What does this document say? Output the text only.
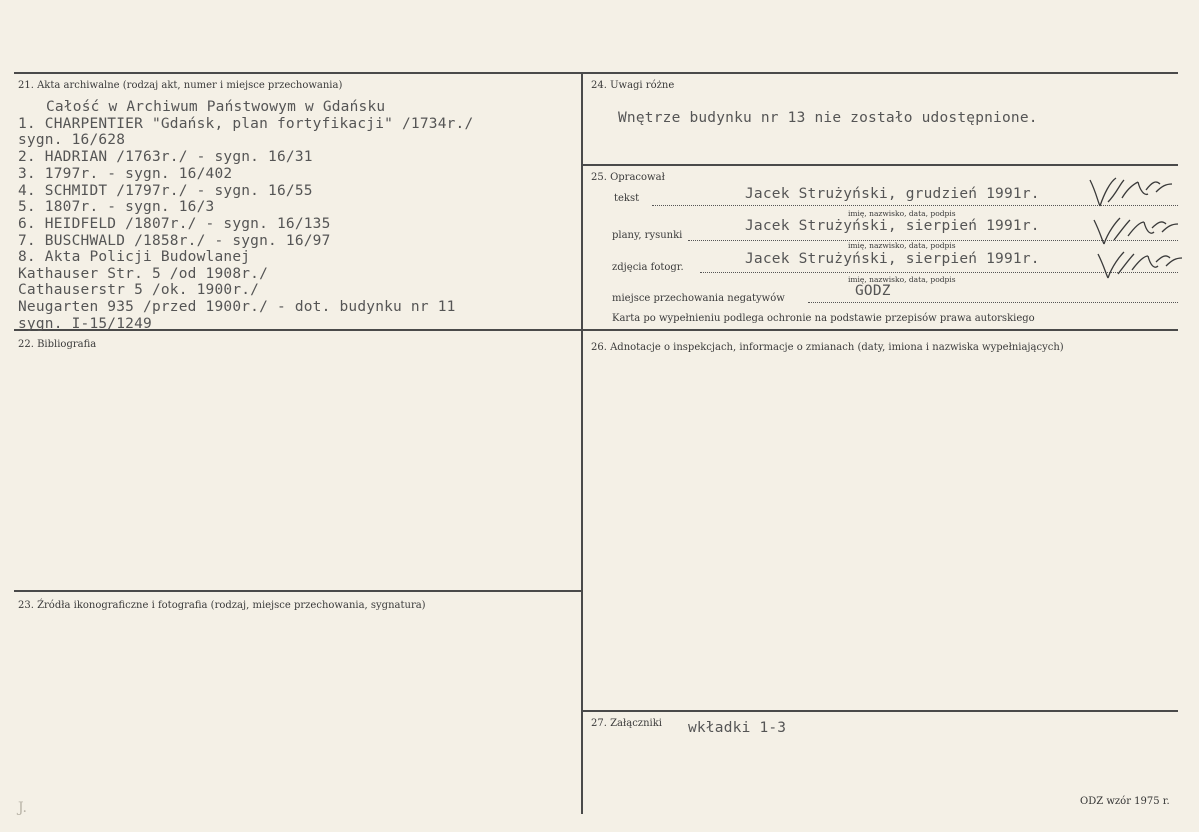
21. Akta archiwalne (rodzaj akt, numer i miejsce przechowania)
Całość w Archiwum Państwowym w Gdańsku
1. CHARPENTIER "Gdańsk, plan fortyfikacji" /1734r./
sygn. 16/628
2. HADRIAN /1763r./ - sygn. 16/31
3. 1797r. - sygn. 16/402
4. SCHMIDT /1797r./ - sygn. 16/55
5. 1807r. - sygn. 16/3
6. HEIDFELD /1807r./ - sygn. 16/135
7. BUSCHWALD /1858r./ - sygn. 16/97
8. Akta Policji Budowlanej
Kathauser Str. 5 /od 1908r./
Cathauserstr 5 /ok. 1900r./
Neugarten 935 /przed 1900r./ - dot. budynku nr 11
sygn. I-15/1249
22. Bibliografia
23. Źródła ikonograficzne i fotografia (rodzaj, miejsce przechowania, sygnatura)
24. Uwagi różne
Wnętrze budynku nr 13 nie zostało udostępnione.
25. Opracował
tekst	Jacek Strużyński, grudzień 1991r.
imię, nazwisko, data, podpis
plany, rysunki
Jacek Strużyński, sierpień 1991r.
imię, nazwisko, data, podpis
zdjęcia fotogr.
Jacek Strużyński, sierpień 1991r.
imię, nazwisko, data, podpis
miejsce przechowania negatywów	GODZ
Karta po wypełnieniu podlega ochronie na podstawie przepisów prawa autorskiego
26. Adnotacje o inspekcjach, informacje o zmianach (daty, imiona i nazwiska wypełniających)
27. Załączniki wkładki 1-3
ODZ wzór 1975 r.
J.
